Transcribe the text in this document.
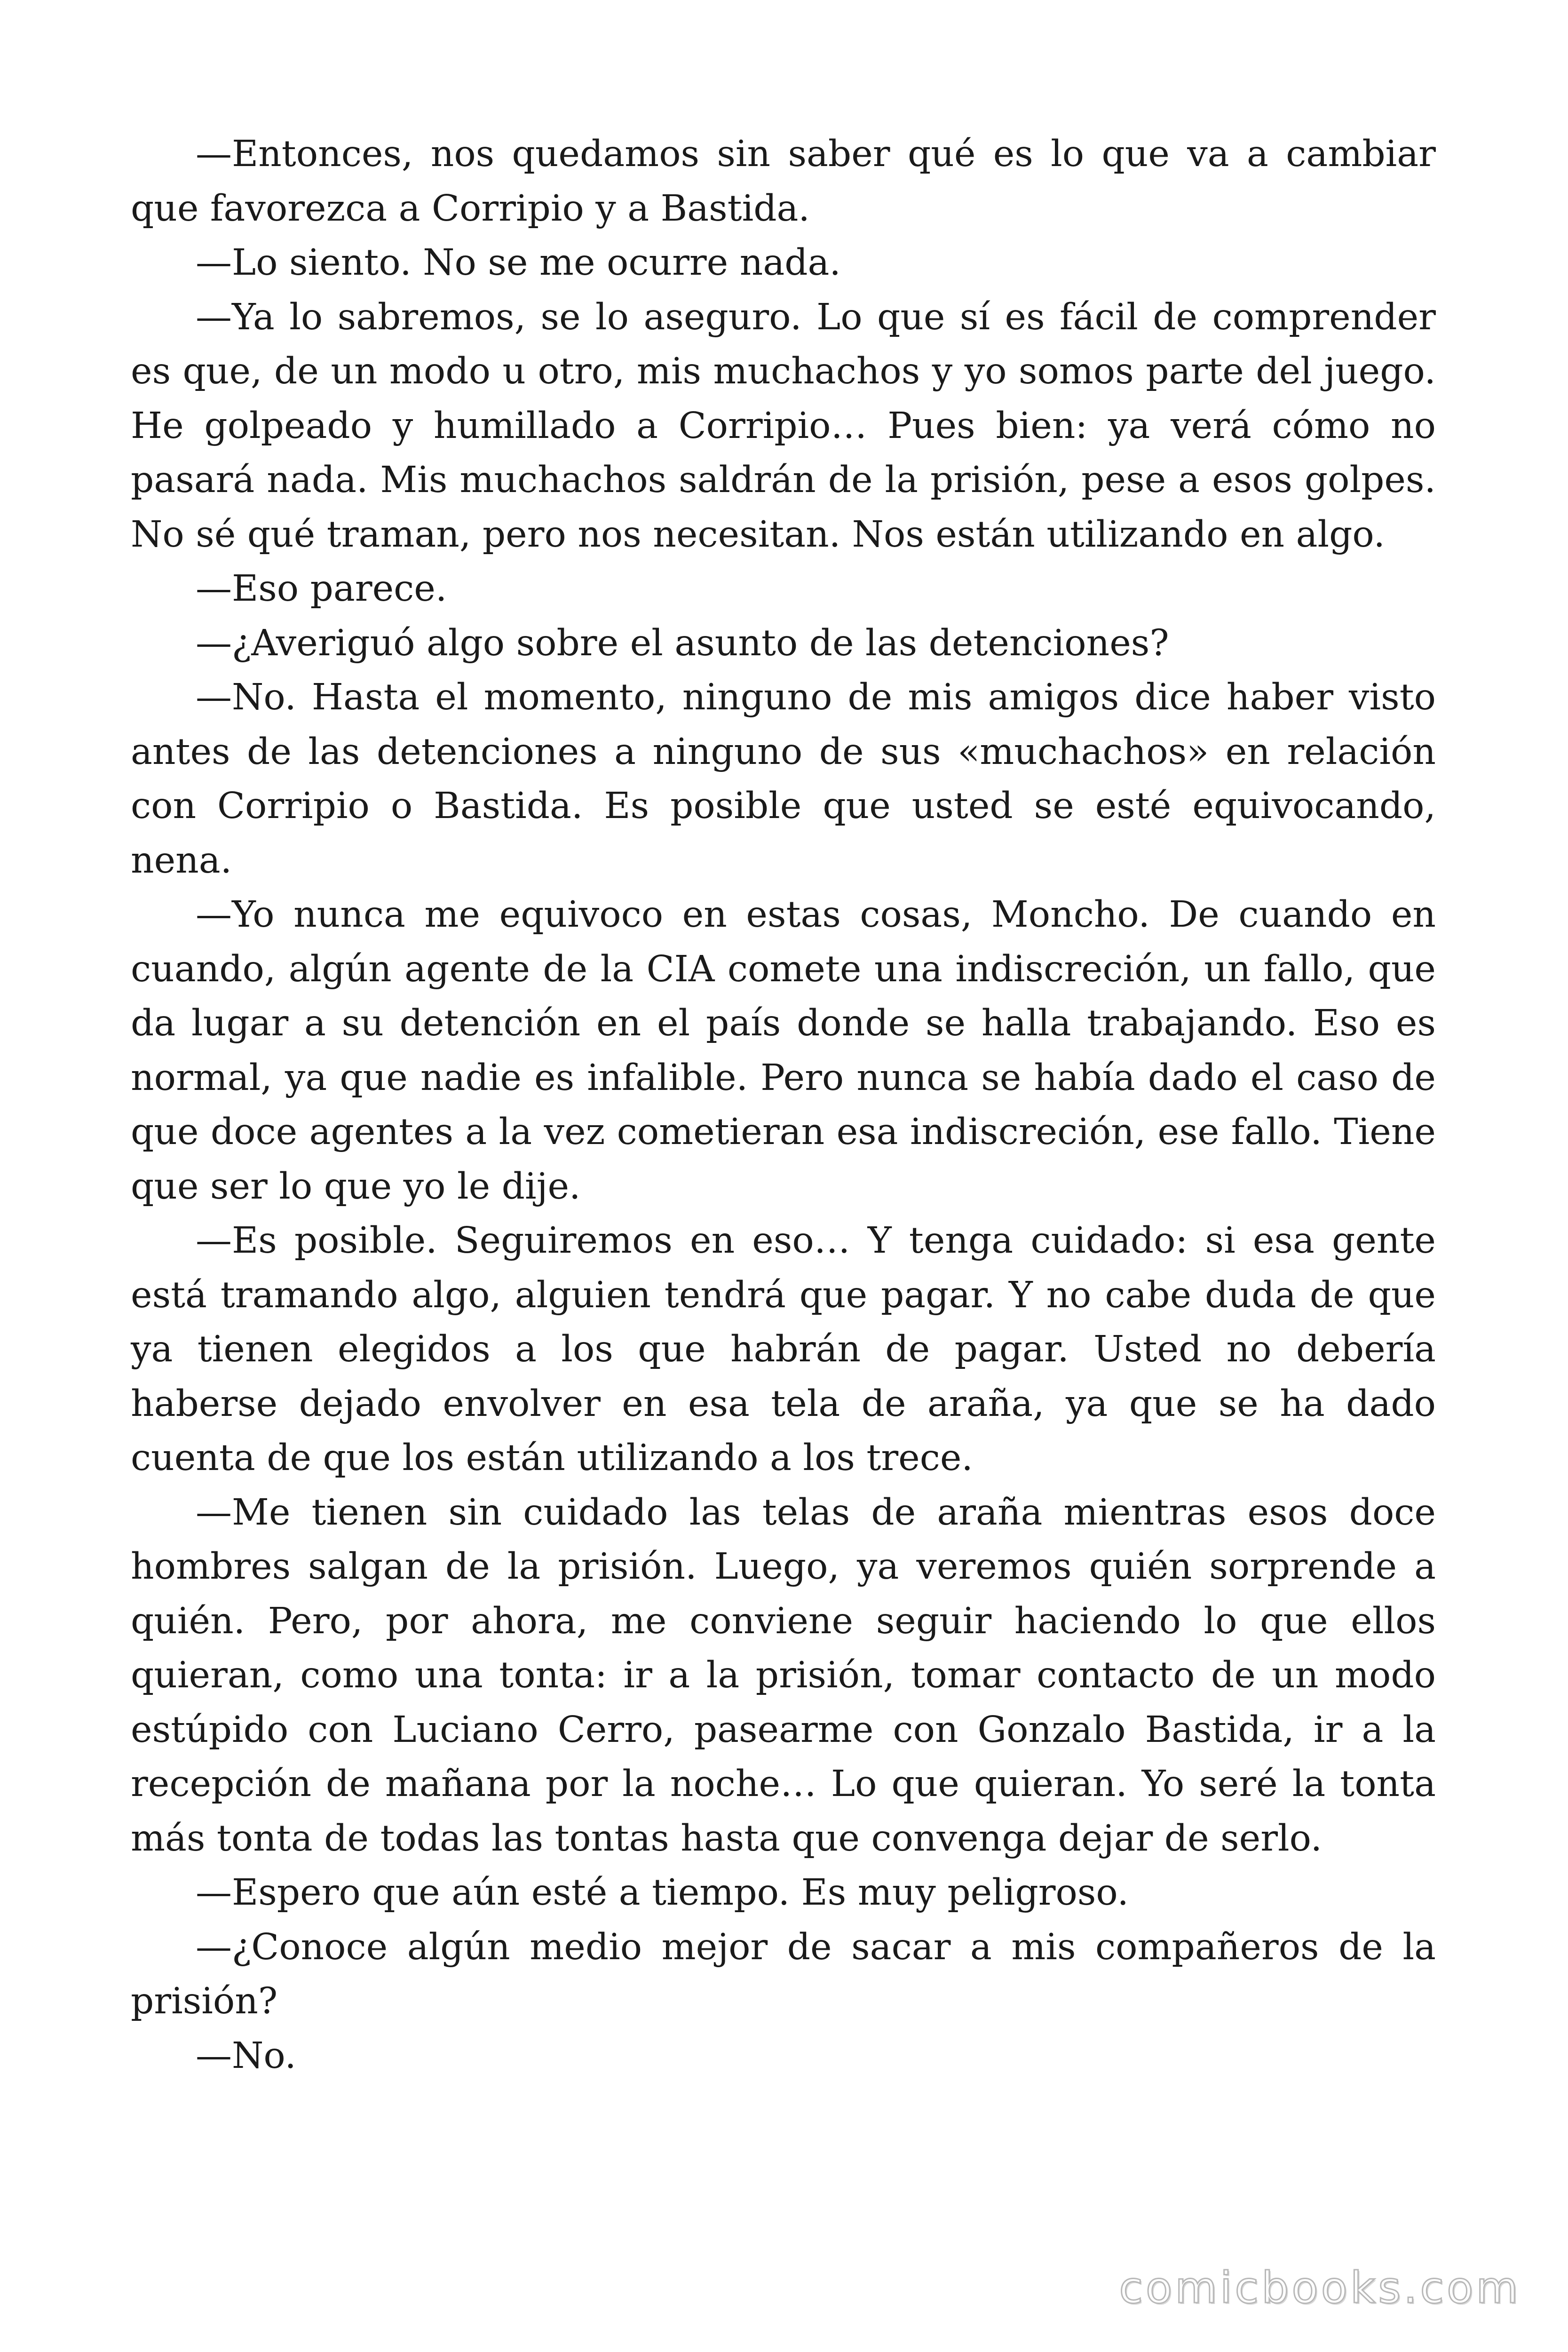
—Entonces, nos quedamos sin saber qué es lo que va a cambiar que favorezca a Corripio y a Bastida.

—Lo siento. No se me ocurre nada.

—Ya lo sabremos, se lo aseguro. Lo que sí es fácil de comprender es que, de un modo u otro, mis muchachos y yo somos parte del juego. He golpeado y humillado a Corripio… Pues bien: ya verá cómo no pasará nada. Mis muchachos saldrán de la prisión, pese a esos golpes. No sé qué traman, pero nos necesitan. Nos están utilizando en algo.

—Eso parece.

—¿Averiguó algo sobre el asunto de las detenciones?

—No. Hasta el momento, ninguno de mis amigos dice haber visto antes de las detenciones a ninguno de sus «muchachos» en relación con Corripio o Bastida. Es posible que usted se esté equivocando, nena.

—Yo nunca me equivoco en estas cosas, Moncho. De cuando en cuando, algún agente de la CIA comete una indiscreción, un fallo, que da lugar a su detención en el país donde se halla trabajando. Eso es normal, ya que nadie es infalible. Pero nunca se había dado el caso de que doce agentes a la vez cometieran esa indiscreción, ese fallo. Tiene que ser lo que yo le dije.

—Es posible. Seguiremos en eso… Y tenga cuidado: si esa gente está tramando algo, alguien tendrá que pagar. Y no cabe duda de que ya tienen elegidos a los que habrán de pagar. Usted no debería haberse dejado envolver en esa tela de araña, ya que se ha dado cuenta de que los están utilizando a los trece.

—Me tienen sin cuidado las telas de araña mientras esos doce hombres salgan de la prisión. Luego, ya veremos quién sorprende a quién. Pero, por ahora, me conviene seguir haciendo lo que ellos quieran, como una tonta: ir a la prisión, tomar contacto de un modo estúpido con Luciano Cerro, pasearme con Gonzalo Bastida, ir a la recepción de mañana por la noche… Lo que quieran. Yo seré la tonta más tonta de todas las tontas hasta que convenga dejar de serlo.

—Espero que aún esté a tiempo. Es muy peligroso.

—¿Conoce algún medio mejor de sacar a mis compañeros de la prisión?

—No.

comicbooks.com
